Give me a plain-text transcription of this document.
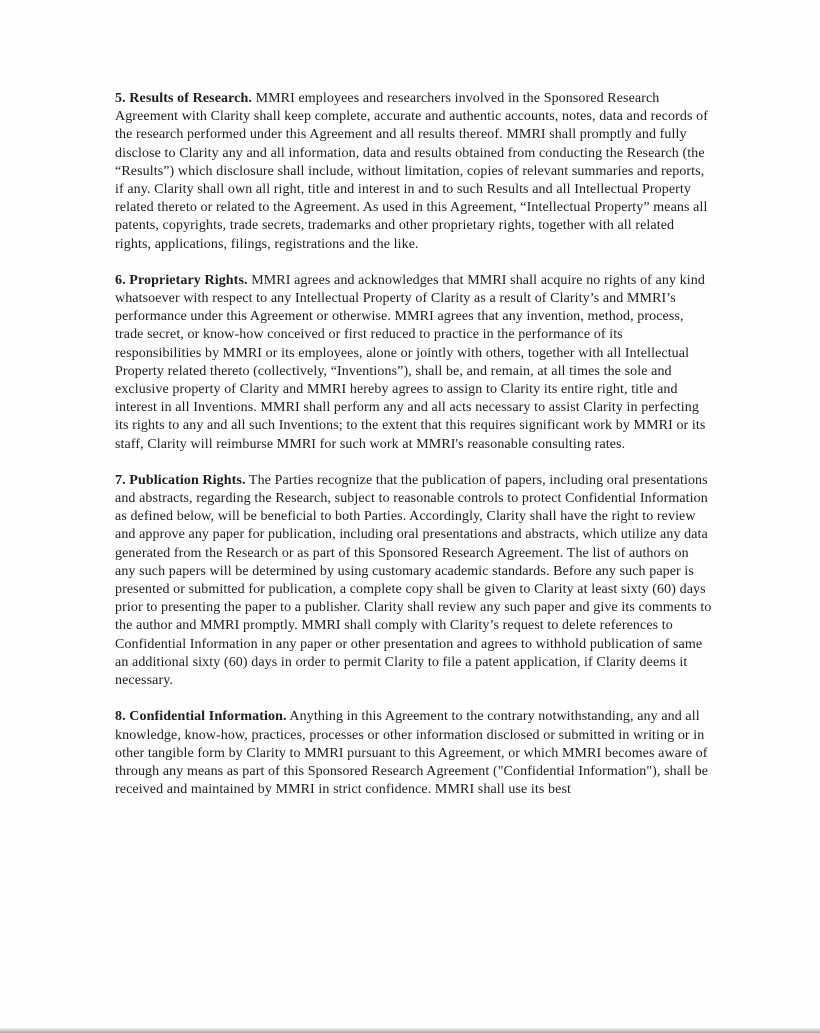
5. Results of Research. MMRI employees and researchers involved in the Sponsored Research Agreement with Clarity shall keep complete, accurate and authentic accounts, notes, data and records of the research performed under this Agreement and all results thereof. MMRI shall promptly and fully disclose to Clarity any and all information, data and results obtained from conducting the Research (the “Results”) which disclosure shall include, without limitation, copies of relevant summaries and reports, if any. Clarity shall own all right, title and interest in and to such Results and all Intellectual Property related thereto or related to the Agreement. As used in this Agreement, “Intellectual Property” means all patents, copyrights, trade secrets, trademarks and other proprietary rights, together with all related rights, applications, filings, registrations and the like.

6. Proprietary Rights. MMRI agrees and acknowledges that MMRI shall acquire no rights of any kind whatsoever with respect to any Intellectual Property of Clarity as a result of Clarity’s and MMRI’s performance under this Agreement or otherwise. MMRI agrees that any invention, method, process, trade secret, or know-how conceived or first reduced to practice in the performance of its responsibilities by MMRI or its employees, alone or jointly with others, together with all Intellectual Property related thereto (collectively, “Inventions”), shall be, and remain, at all times the sole and exclusive property of Clarity and MMRI hereby agrees to assign to Clarity its entire right, title and interest in all Inventions. MMRI shall perform any and all acts necessary to assist Clarity in perfecting its rights to any and all such Inventions; to the extent that this requires significant work by MMRI or its staff, Clarity will reimburse MMRI for such work at MMRI's reasonable consulting rates.

7. Publication Rights. The Parties recognize that the publication of papers, including oral presentations and abstracts, regarding the Research, subject to reasonable controls to protect Confidential Information as defined below, will be beneficial to both Parties. Accordingly, Clarity shall have the right to review and approve any paper for publication, including oral presentations and abstracts, which utilize any data generated from the Research or as part of this Sponsored Research Agreement. The list of authors on any such papers will be determined by using customary academic standards. Before any such paper is presented or submitted for publication, a complete copy shall be given to Clarity at least sixty (60) days prior to presenting the paper to a publisher. Clarity shall review any such paper and give its comments to the author and MMRI promptly. MMRI shall comply with Clarity’s request to delete references to Confidential Information in any paper or other presentation and agrees to withhold publication of same an additional sixty (60) days in order to permit Clarity to file a patent application, if Clarity deems it necessary.

8. Confidential Information. Anything in this Agreement to the contrary notwithstanding, any and all knowledge, know-how, practices, processes or other information disclosed or submitted in writing or in other tangible form by Clarity to MMRI pursuant to this Agreement, or which MMRI becomes aware of through any means as part of this Sponsored Research Agreement ("Confidential Information"), shall be received and maintained by MMRI in strict confidence. MMRI shall use its best
